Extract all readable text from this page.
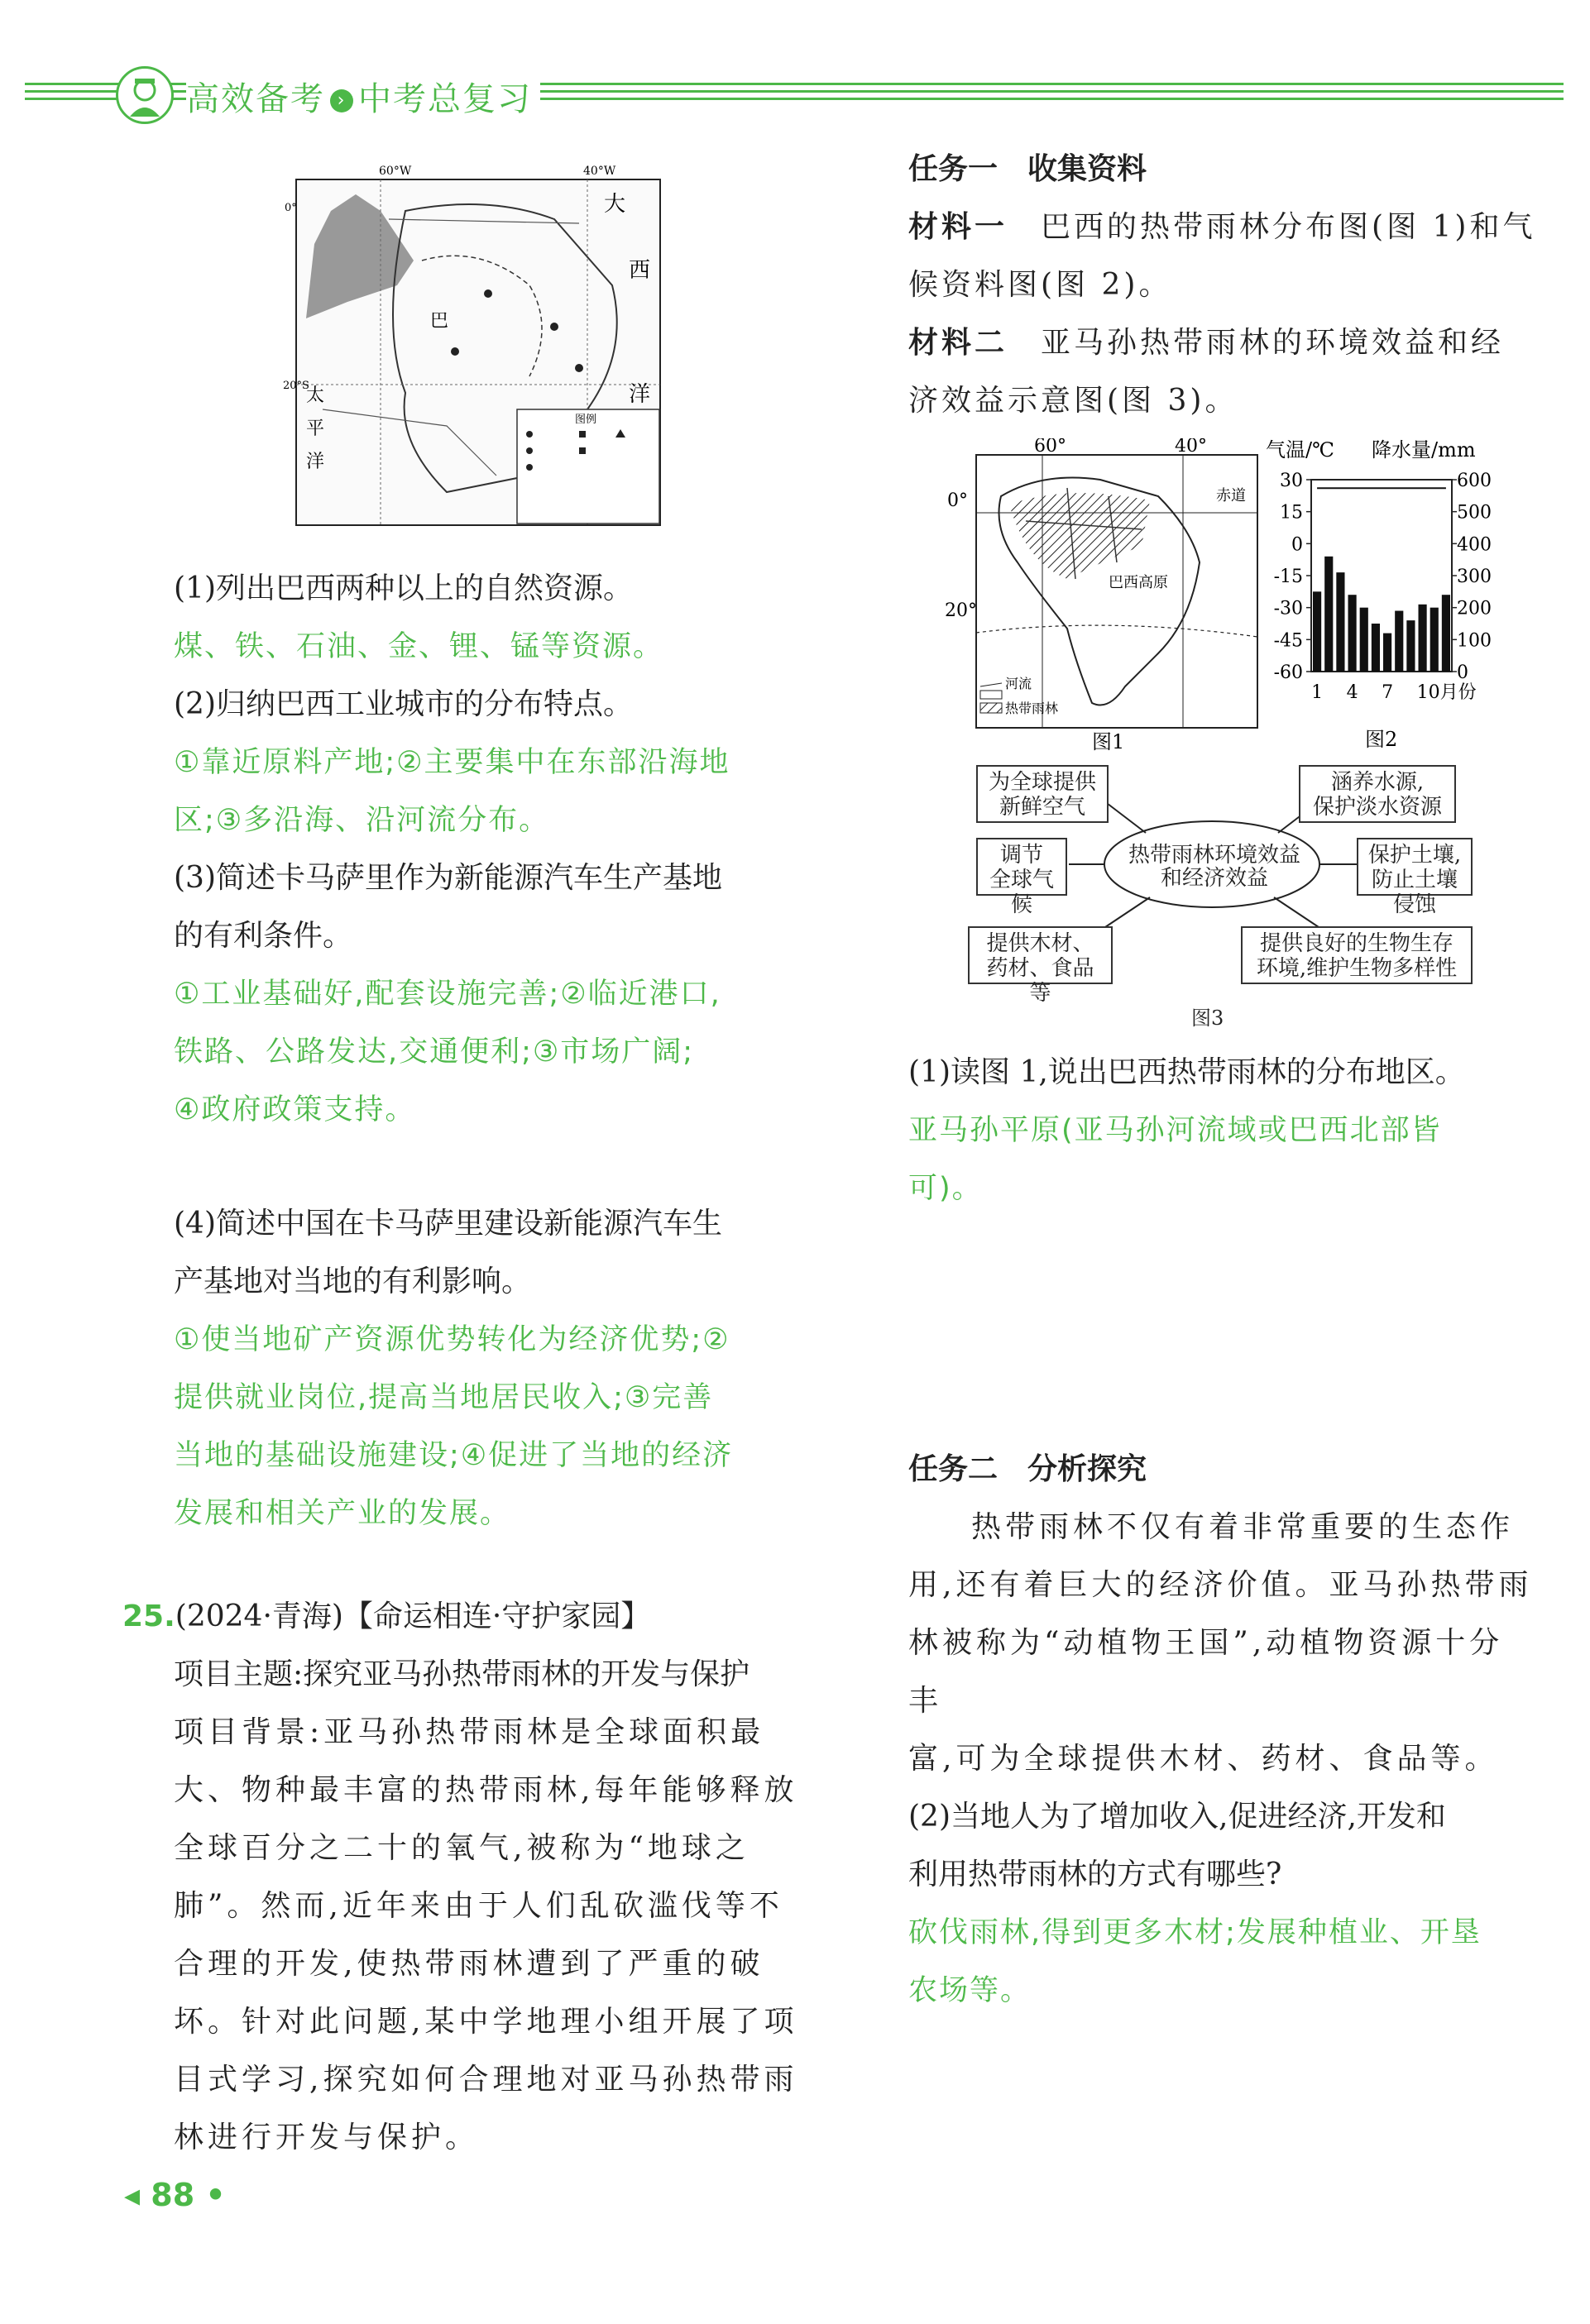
高效备考 › 中考总复习
60°W	40°W
0°
20°S
大
西
洋
太
平
洋
巴
图例
(1)列出巴西两种以上的自然资源。
煤、铁、石油、金、锂、锰等资源。
(2)归纳巴西工业城市的分布特点。
①靠近原料产地;②主要集中在东部沿海地
区;③多沿海、沿河流分布。
(3)简述卡马萨里作为新能源汽车生产基地
的有利条件。
①工业基础好,配套设施完善;②临近港口,
铁路、公路发达,交通便利;③市场广阔;
④政府政策支持。
(4)简述中国在卡马萨里建设新能源汽车生
产基地对当地的有利影响。
①使当地矿产资源优势转化为经济优势;②
提供就业岗位,提高当地居民收入;③完善
当地的基础设施建设;④促进了当地的经济
发展和相关产业的发展。
25.(2024·青海)【命运相连·守护家园】
项目主题:探究亚马孙热带雨林的开发与保护
项目背景:亚马孙热带雨林是全球面积最
大、物种最丰富的热带雨林,每年能够释放
全球百分之二十的氧气,被称为“地球之
肺”。然而,近年来由于人们乱砍滥伐等不
合理的开发,使热带雨林遭到了严重的破
坏。针对此问题,某中学地理小组开展了项
目式学习,探究如何合理地对亚马孙热带雨
林进行开发与保护。
任务一　收集资料
材料一　 巴西的热带雨林分布图(图 1)和气
候资料图(图 2)。
材料二　 亚马孙热带雨林的环境效益和经
济效益示意图(图 3)。
60°	40°
0°
20°
赤道
巴西高原
河流
热带雨林
图1
气温/℃ 降水量/mm
30
15
0
-15
-30
-45
-60
600
500
400
300
200
100
0
1 4 7 10月份
图2
热带雨林环境效益
和经济效益
为全球提供
新鲜空气
涵养水源,
保护淡水资源
调节
全球气候
保护土壤,
防止土壤侵蚀
提供木材、
药材、食品等
提供良好的生物生存
环境,维护生物多样性
图3
(1)读图 1,说出巴西热带雨林的分布地区。
亚马孙平原(亚马孙河流域或巴西北部皆
可)。
任务二　分析探究
热带雨林不仅有着非常重要的生态作
用,还有着巨大的经济价值。亚马孙热带雨
林被称为“动植物王国”,动植物资源十分丰
富,可为全球提供木材、药材、食品等。
(2)当地人为了增加收入,促进经济,开发和
利用热带雨林的方式有哪些?
砍伐雨林,得到更多木材;发展种植业、开垦
农场等。
◂ 88 •
